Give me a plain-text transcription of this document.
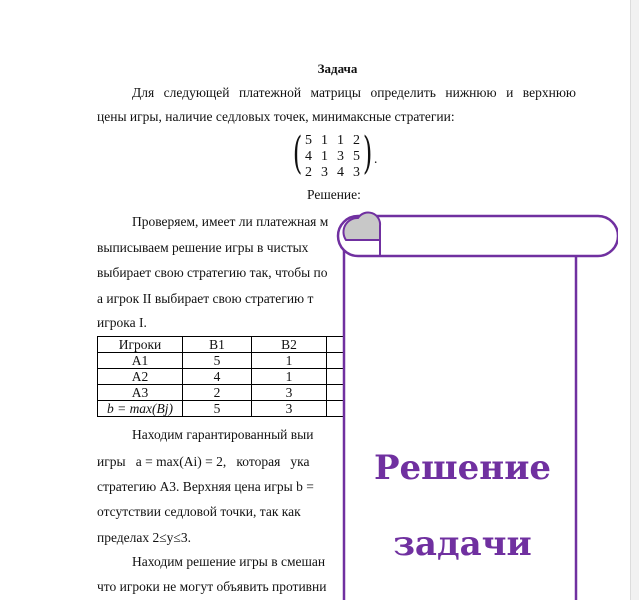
Задача
Для следующей платежной матрицы определить нижнюю и верхнюю
цены игры, наличие седловых точек, минимаксные стратегии:
( 5 1 1 2
4 1 3 5
2 3 4 3 ) .
Решение:
Проверяем, имеет ли платежная м
выписываем решение игры в чистых
выбирает свою стратегию так, чтобы по
а игрок II выбирает свою стратегию т
игрока I.
Игроки	B1	B2	
A1	5	1	
A2	4	1	
A3	2	3	
b = max(Bj)	5	3	
Находим гарантированный выи
игры   a = max(Ai) = 2,   которая   ука
стратегию A3. Верхняя цена игры b =
отсутствии седловой точки, так как
пределах 2≤y≤3.
Находим решение игры в смешан
что игроки не могут объявить противни
Решение
задачи
